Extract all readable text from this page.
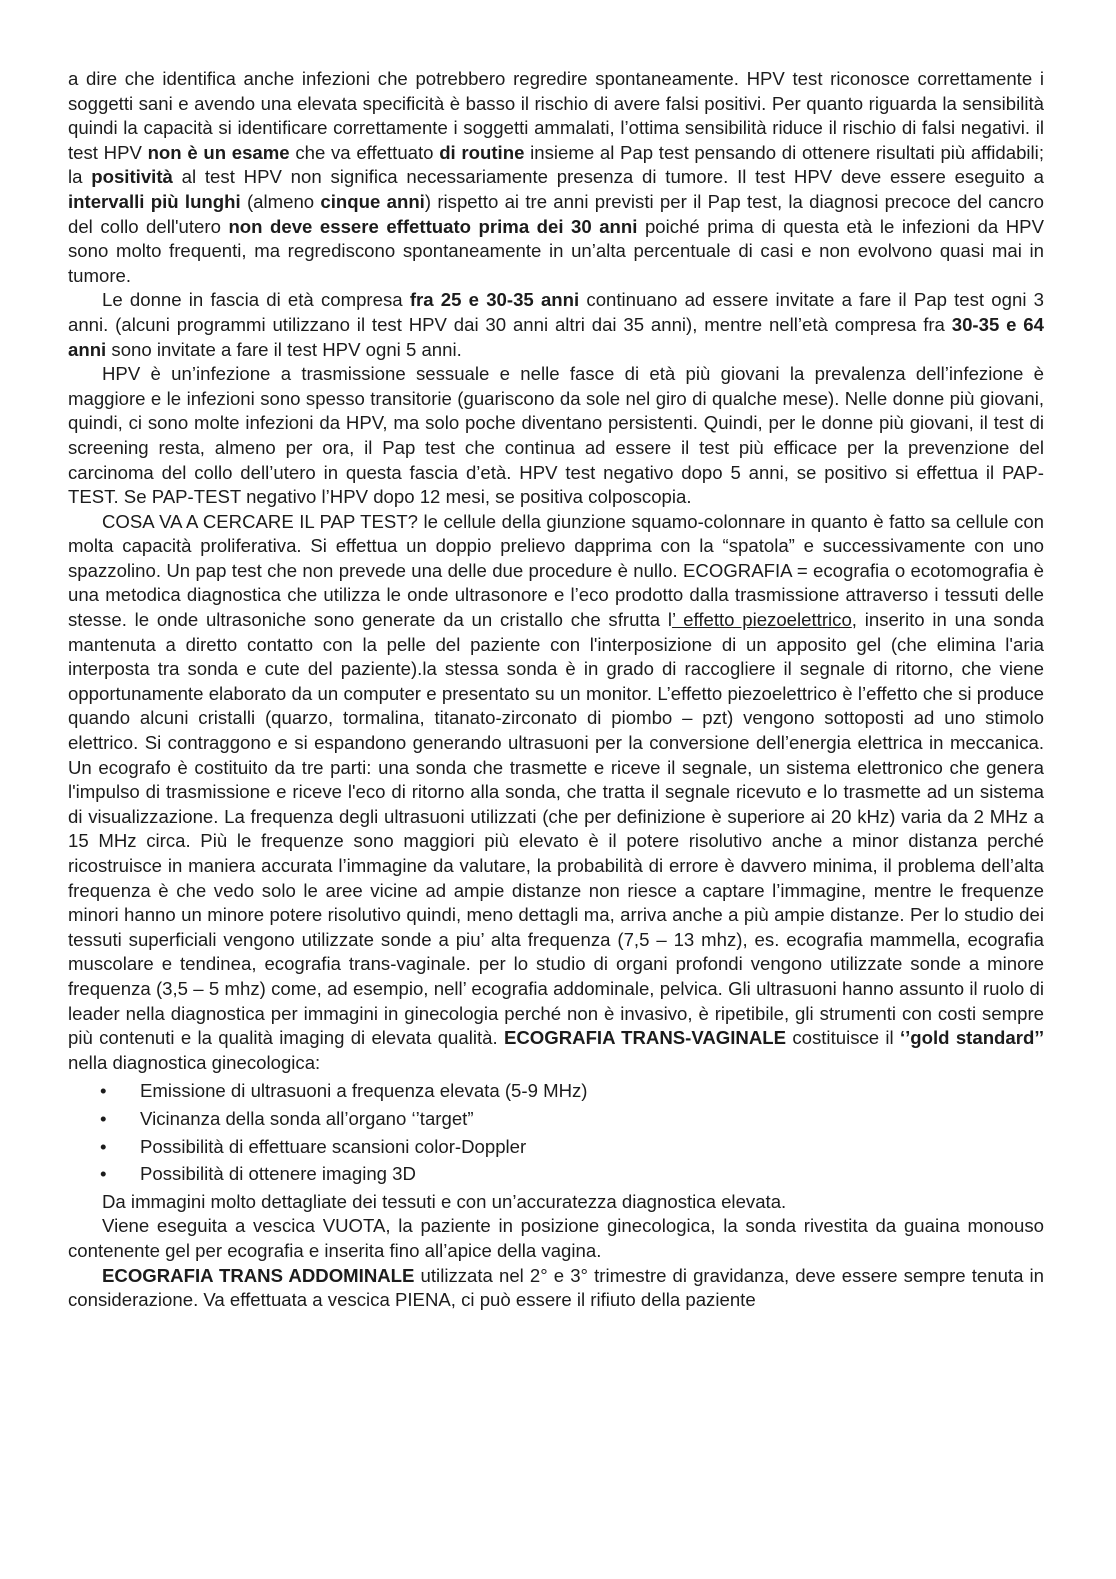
a dire che identifica anche infezioni che potrebbero regredire spontaneamente. HPV test riconosce correttamente i soggetti sani e avendo una elevata specificità è basso il rischio di avere falsi positivi. Per quanto riguarda la sensibilità quindi la capacità si identificare correttamente i soggetti ammalati, l’ottima sensibilità riduce il rischio di falsi negativi. il test HPV non è un esame che va effettuato di routine insieme al Pap test pensando di ottenere risultati più affidabili; la positività al test HPV non significa necessariamente presenza di tumore. Il test HPV deve essere eseguito a intervalli più lunghi (almeno cinque anni) rispetto ai tre anni previsti per il Pap test, la diagnosi precoce del cancro del collo dell'utero non deve essere effettuato prima dei 30 anni poiché prima di questa età le infezioni da HPV sono molto frequenti, ma regrediscono spontaneamente in un’alta percentuale di casi e non evolvono quasi mai in tumore.

Le donne in fascia di età compresa fra 25 e 30-35 anni continuano ad essere invitate a fare il Pap test ogni 3 anni. (alcuni programmi utilizzano il test HPV dai 30 anni altri dai 35 anni), mentre nell’età compresa fra 30-35 e 64 anni sono invitate a fare il test HPV ogni 5 anni.

HPV è un’infezione a trasmissione sessuale e nelle fasce di età più giovani la prevalenza dell’infezione è maggiore e le infezioni sono spesso transitorie (guariscono da sole nel giro di qualche mese). Nelle donne più giovani, quindi, ci sono molte infezioni da HPV, ma solo poche diventano persistenti. Quindi, per le donne più giovani, il test di screening resta, almeno per ora, il Pap test che continua ad essere il test più efficace per la prevenzione del carcinoma del collo dell’utero in questa fascia d’età. HPV test negativo dopo 5 anni, se positivo si effettua il PAP-TEST. Se PAP-TEST negativo l’HPV dopo 12 mesi, se positiva colposcopia.

COSA VA A CERCARE IL PAP TEST? le cellule della giunzione squamo-colonnare in quanto è fatto sa cellule con molta capacità proliferativa. Si effettua un doppio prelievo dapprima con la “spatola” e successivamente con uno spazzolino. Un pap test che non prevede una delle due procedure è nullo. ECOGRAFIA = ecografia o ecotomografia è una metodica diagnostica che utilizza le onde ultrasonore e l’eco prodotto dalla trasmissione attraverso i tessuti delle stesse. le onde ultrasoniche sono generate da un cristallo che sfrutta l’ effetto piezoelettrico, inserito in una sonda mantenuta a diretto contatto con la pelle del paziente con l'interposizione di un apposito gel (che elimina l'aria interposta tra sonda e cute del paziente).la stessa sonda è in grado di raccogliere il segnale di ritorno, che viene opportunamente elaborato da un computer e presentato su un monitor. L’effetto piezoelettrico è l’effetto che si produce quando alcuni cristalli (quarzo, tormalina, titanato-zirconato di piombo – pzt) vengono sottoposti ad uno stimolo elettrico. Si contraggono e si espandono generando ultrasuoni per la conversione dell’energia elettrica in meccanica. Un ecografo è costituito da tre parti: una sonda che trasmette e riceve il segnale, un sistema elettronico che genera l'impulso di trasmissione e riceve l'eco di ritorno alla sonda, che tratta il segnale ricevuto e lo trasmette ad un sistema di visualizzazione. La frequenza degli ultrasuoni utilizzati (che per definizione è superiore ai 20 kHz) varia da 2 MHz a 15 MHz circa. Più le frequenze sono maggiori più elevato è il potere risolutivo anche a minor distanza perché ricostruisce in maniera accurata l’immagine da valutare, la probabilità di errore è davvero minima, il problema dell’alta frequenza è che vedo solo le aree vicine ad ampie distanze non riesce a captare l’immagine, mentre le frequenze minori hanno un minore potere risolutivo quindi, meno dettagli ma, arriva anche a più ampie distanze. Per lo studio dei tessuti superficiali vengono utilizzate sonde a piu’ alta frequenza (7,5 – 13 mhz), es. ecografia mammella, ecografia muscolare e tendinea, ecografia trans-vaginale. per lo studio di organi profondi vengono utilizzate sonde a minore frequenza (3,5 – 5 mhz) come, ad esempio, nell’ ecografia addominale, pelvica. Gli ultrasuoni hanno assunto il ruolo di leader nella diagnostica per immagini in ginecologia perché non è invasivo, è ripetibile, gli strumenti con costi sempre più contenuti e la qualità imaging di elevata qualità. ECOGRAFIA TRANS-VAGINALE costituisce il ‘’gold standard’’ nella diagnostica ginecologica:

• Emissione di ultrasuoni a frequenza elevata (5-9 MHz)
• Vicinanza della sonda all’organo ‘’target”
• Possibilità di effettuare scansioni color-Doppler
• Possibilità di ottenere imaging 3D

Da immagini molto dettagliate dei tessuti e con un’accuratezza diagnostica elevata.

Viene eseguita a vescica VUOTA, la paziente in posizione ginecologica, la sonda rivestita da guaina monouso contenente gel per ecografia e inserita fino all’apice della vagina.

ECOGRAFIA TRANS ADDOMINALE utilizzata nel 2° e 3° trimestre di gravidanza, deve essere sempre tenuta in considerazione. Va effettuata a vescica PIENA, ci può essere il rifiuto della paziente
